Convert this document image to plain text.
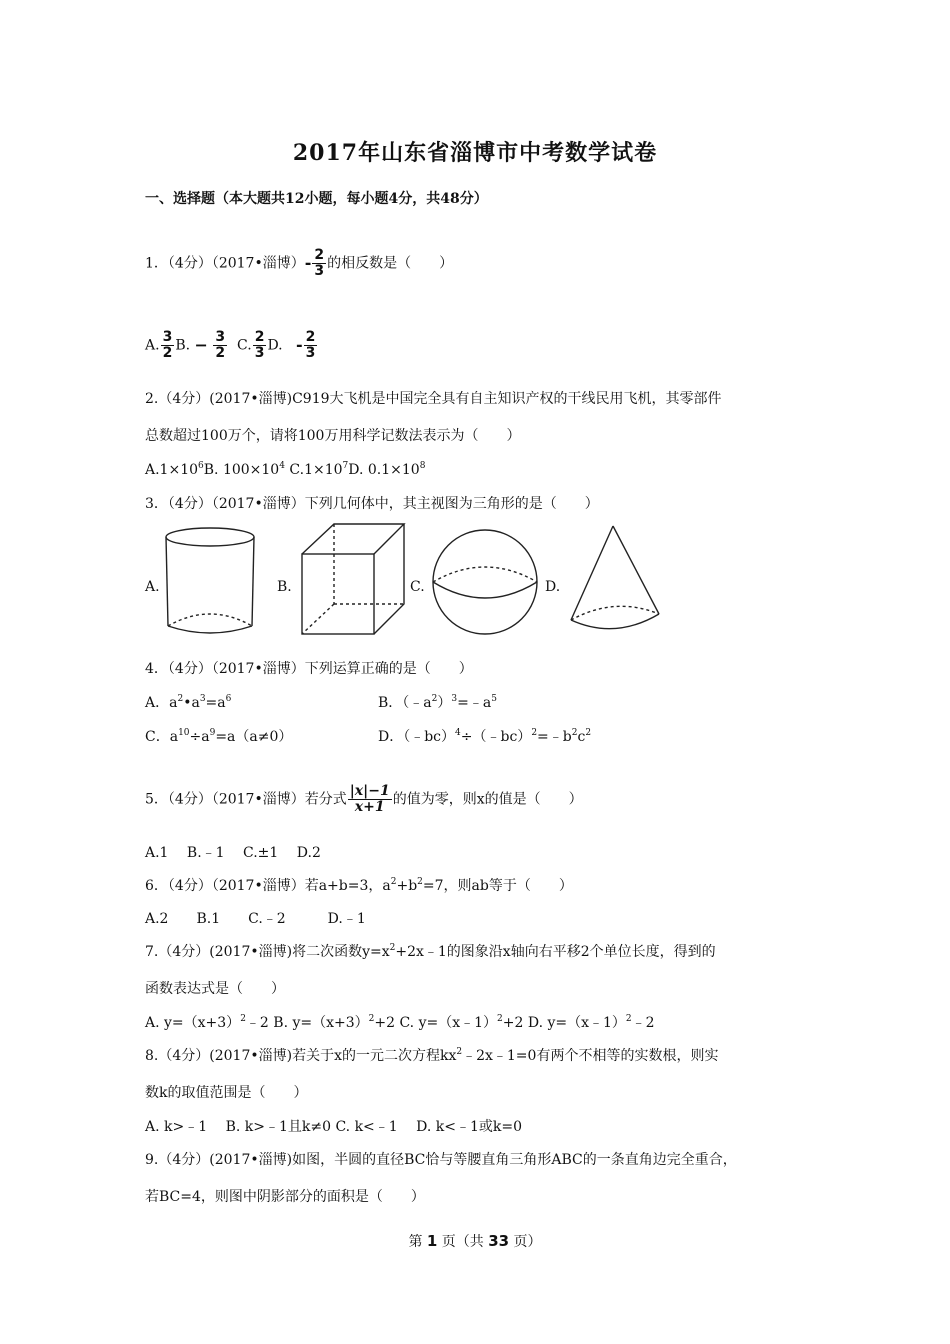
2017年山东省淄博市中考数学试卷
一、选择题（本大题共12小题，每小题4分，共48分）
1．（4分）（2017•淄博）- $\frac{2}{3}$ 的相反数是（　　）
A. $\frac{3}{2} B$. − $\frac{3}{2} C$. $\frac{2}{3} D$. - $\frac{2}{3}$
2.（4分）(2017•淄博)C919大飞机是中国完全具有自主知识产权的干线民用飞机，其零部件
总数超过100万个，请将100万用科学记数法表示为（　　）
$A.1\times 10^6B$. $100\times 10^4$ $C.1\times 10^7D$. $0.1\times 10^8$
3．（4分）（2017•淄博）下列几何体中，其主视图为三角形的是（　　）
A.	B.	C.	D.
4．（4分）（2017•淄博）下列运算正确的是（　　）
A．$a^2•a^3=a^6$	B．$(﹣a^2)^3=﹣a^5$
C．$a^{10}\div a^9=a(a\ne 0)$	D．$(﹣bc)^4\div(﹣bc)^2=﹣b^2c^2$
5．（4分）（2017•淄博）若分式 $\frac{|x|-1}{x+1}$ 的值为零，则x的值是（　　）
A.1　 B.﹣1　 C.±1　 D.2
6．（4分）（2017•淄博）若a+b=3，$a^2+b^2=7$，则ab等于（　　）
A.2　　B.1　　C.﹣2　　　D.﹣1
7.（4分）(2017•淄博)将二次函数$y=x^2+2x﹣1$的图象沿x轴向右平移2个单位长度，得到的
函数表达式是（　　）
A. $y=(x+3)^2﹣2$ B. $y=(x+3)^2+2$ C. y=（x﹣1）$^2$+2 D. y=（x﹣1）$^2$﹣2
8.（4分）(2017•淄博)若关于x的一元二次方程$kx^2﹣2x﹣1=0$有两个不相等的实数根，则实
数k的取值范围是（　　）
A. k>﹣1　 B. k>﹣1且k≠0 C. k<﹣1　 D. k<﹣1或k=0
9.（4分）(2017•淄博)如图，半圆的直径BC恰与等腰直角三角形ABC的一条直角边完全重合，
若BC=4，则图中阴影部分的面积是（　　）
第 1 页（共 33 页）
